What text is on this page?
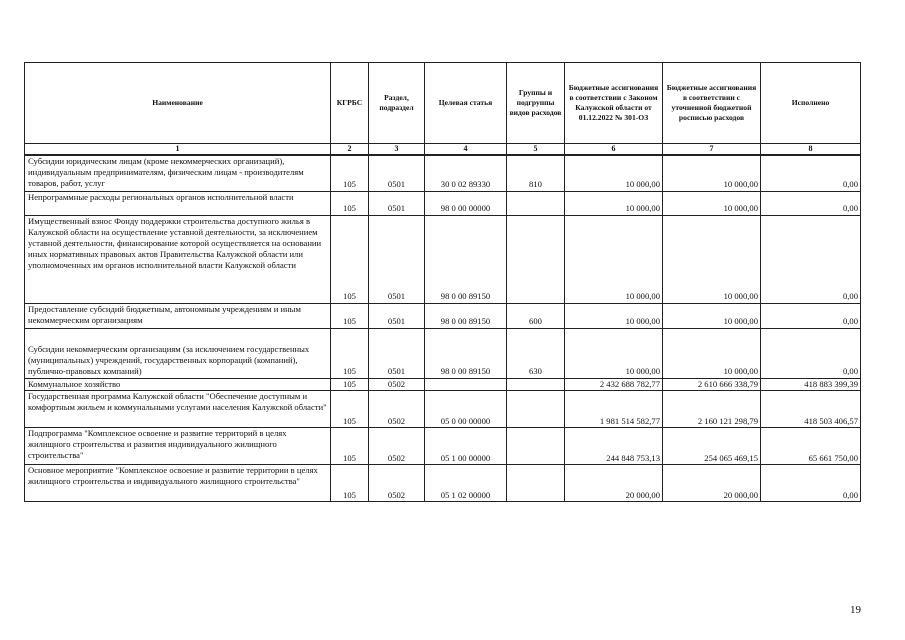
Наименование	КГРБС	Раздел, подраздел	Целевая статья	Группы и подгруппы видов расходов	Бюджетные ассигнования в соответствии с Законом Калужской области от 01.12.2022 № 301-ОЗ	Бюджетные ассигнования в соответствии с уточненной бюджетной росписью расходов	Исполнено
1	2	3	4	5	6	7	8
Субсидии юридическим лицам (кроме некоммерческих организаций), индивидуальным предпринимателям, физическим лицам - производителям товаров, работ, услуг	105	0501	30 0 02 89330	810	10 000,00	10 000,00	0,00
Непрограммные расходы региональных органов исполнительной власти	105	0501	98 0 00 00000		10 000,00	10 000,00	0,00
Имущественный взнос Фонду поддержки строительства доступного жилья в Калужской области на осуществление уставной деятельности, за исключением уставной деятельности, финансирование которой осуществляется на основании иных нормативных правовых актов Правительства Калужской области или уполномоченных им органов исполнительной власти Калужской области	105	0501	98 0 00 89150		10 000,00	10 000,00	0,00
Предоставление субсидий бюджетным, автономным учреждениям и иным некоммерческим организациям	105	0501	98 0 00 89150	600	10 000,00	10 000,00	0,00
Субсидии некоммерческим организациям (за исключением государственных (муниципальных) учреждений, государственных корпораций (компаний), публично-правовых компаний)	105	0501	98 0 00 89150	630	10 000,00	10 000,00	0,00
Коммунальное хозяйство	105	0502			2 432 688 782,77	2 610 666 338,79	418 883 399,39
Государственная программа Калужской области "Обеспечение доступным и комфортным жильем и коммунальными услугами населения Калужской области"	105	0502	05 0 00 00000		1 981 514 582,77	2 160 121 298,79	418 503 406,57
Подпрограмма "Комплексное освоение и развитие территорий в целях жилищного строительства и развития индивидуального жилищного строительства"	105	0502	05 1 00 00000		244 848 753,13	254 065 469,15	65 661 750,00
Основное мероприятие "Комплексное освоение и развитие территории в целях жилищного строительства и индивидуального жилищного строительства"	105	0502	05 1 02 00000		20 000,00	20 000,00	0,00
19
